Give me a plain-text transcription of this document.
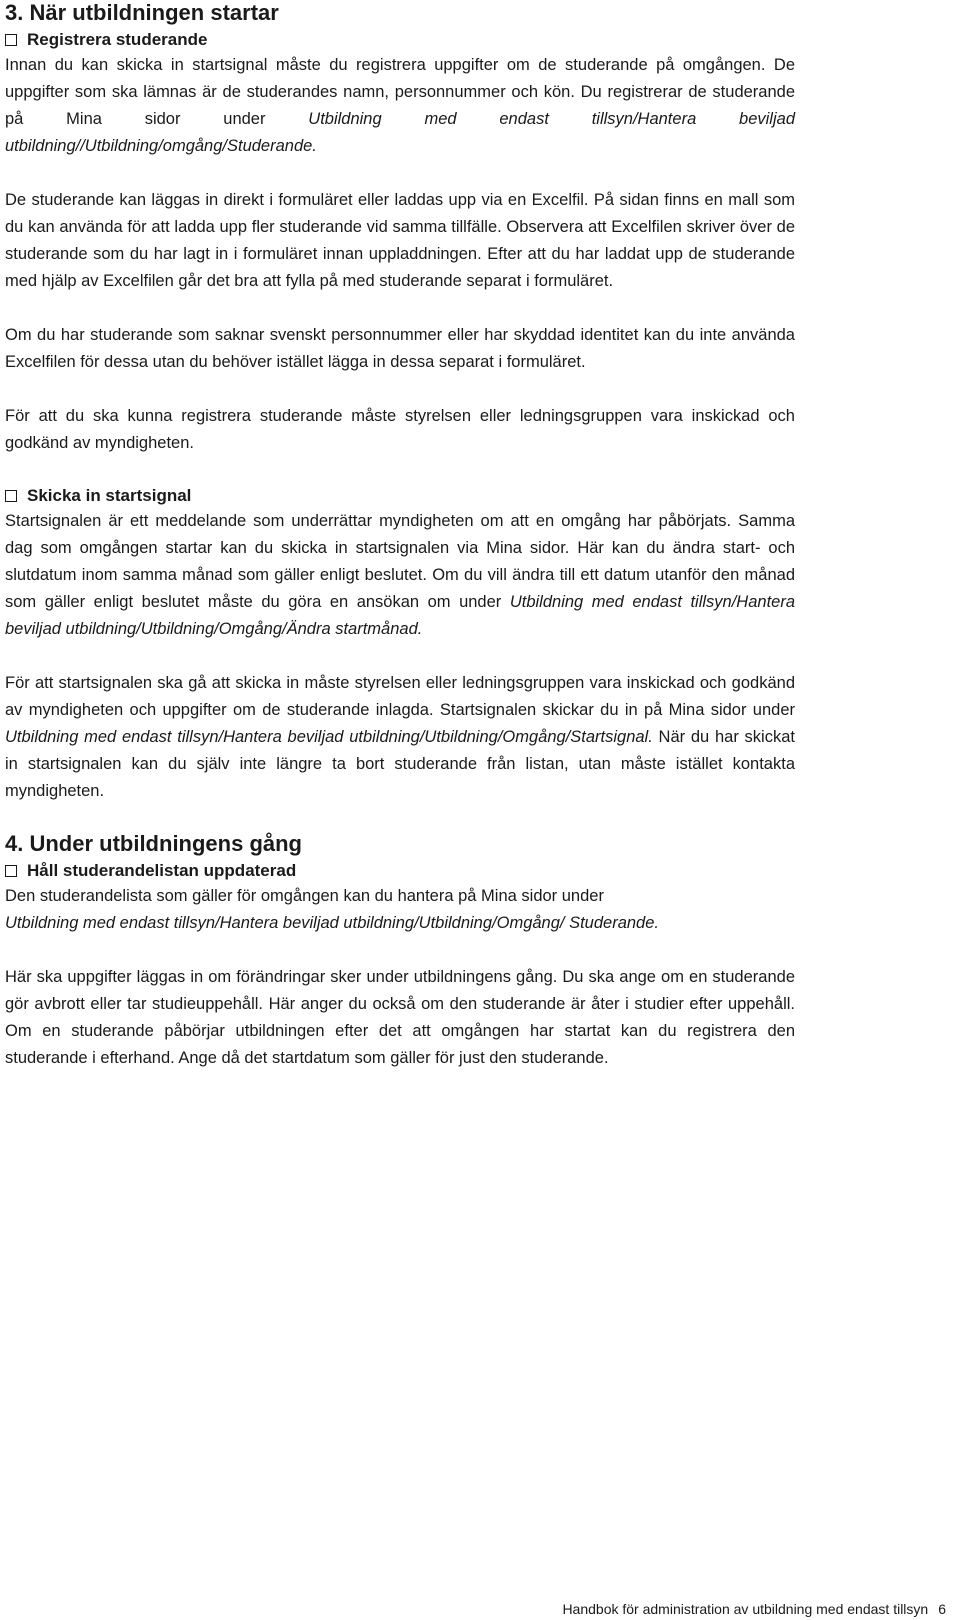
3. När utbildningen startar
Registrera studerande

Innan du kan skicka in startsignal måste du registrera uppgifter om de studerande på omgången. De uppgifter som ska lämnas är de studerandes namn, personnummer och kön. Du registrerar de studerande på Mina sidor under Utbildning med endast tillsyn/Hantera beviljad utbildning//Utbildning/omgång/Studerande.

De studerande kan läggas in direkt i formuläret eller laddas upp via en Excelfil. På sidan finns en mall som du kan använda för att ladda upp fler studerande vid samma tillfälle. Observera att Excelfilen skriver över de studerande som du har lagt in i formuläret innan uppladdningen. Efter att du har laddat upp de studerande med hjälp av Excelfilen går det bra att fylla på med studerande separat i formuläret.

Om du har studerande som saknar svenskt personnummer eller har skyddad identitet kan du inte använda Excelfilen för dessa utan du behöver istället lägga in dessa separat i formuläret.

För att du ska kunna registrera studerande måste styrelsen eller ledningsgruppen vara inskickad och godkänd av myndigheten.

Skicka in startsignal

Startsignalen är ett meddelande som underrättar myndigheten om att en omgång har påbörjats. Samma dag som omgången startar kan du skicka in startsignalen via Mina sidor. Här kan du ändra start- och slutdatum inom samma månad som gäller enligt beslutet. Om du vill ändra till ett datum utanför den månad som gäller enligt beslutet måste du göra en ansökan om under Utbildning med endast tillsyn/Hantera beviljad utbildning/Utbildning/Omgång/Ändra startmånad.

För att startsignalen ska gå att skicka in måste styrelsen eller ledningsgruppen vara inskickad och godkänd av myndigheten och uppgifter om de studerande inlagda. Startsignalen skickar du in på Mina sidor under Utbildning med endast tillsyn/Hantera beviljad utbildning/Utbildning/Omgång/Startsignal. När du har skickat in startsignalen kan du själv inte längre ta bort studerande från listan, utan måste istället kontakta myndigheten.

4. Under utbildningens gång
Håll studerandelistan uppdaterad

Den studerandelista som gäller för omgången kan du hantera på Mina sidor under
Utbildning med endast tillsyn/Hantera beviljad utbildning/Utbildning/Omgång/ Studerande.

Här ska uppgifter läggas in om förändringar sker under utbildningens gång. Du ska ange om en studerande gör avbrott eller tar studieuppehåll. Här anger du också om den studerande är åter i studier efter uppehåll. Om en studerande påbörjar utbildningen efter det att omgången har startat kan du registrera den studerande i efterhand. Ange då det startdatum som gäller för just den studerande.

Handbok för administration av utbildning med endast tillsyn 6
